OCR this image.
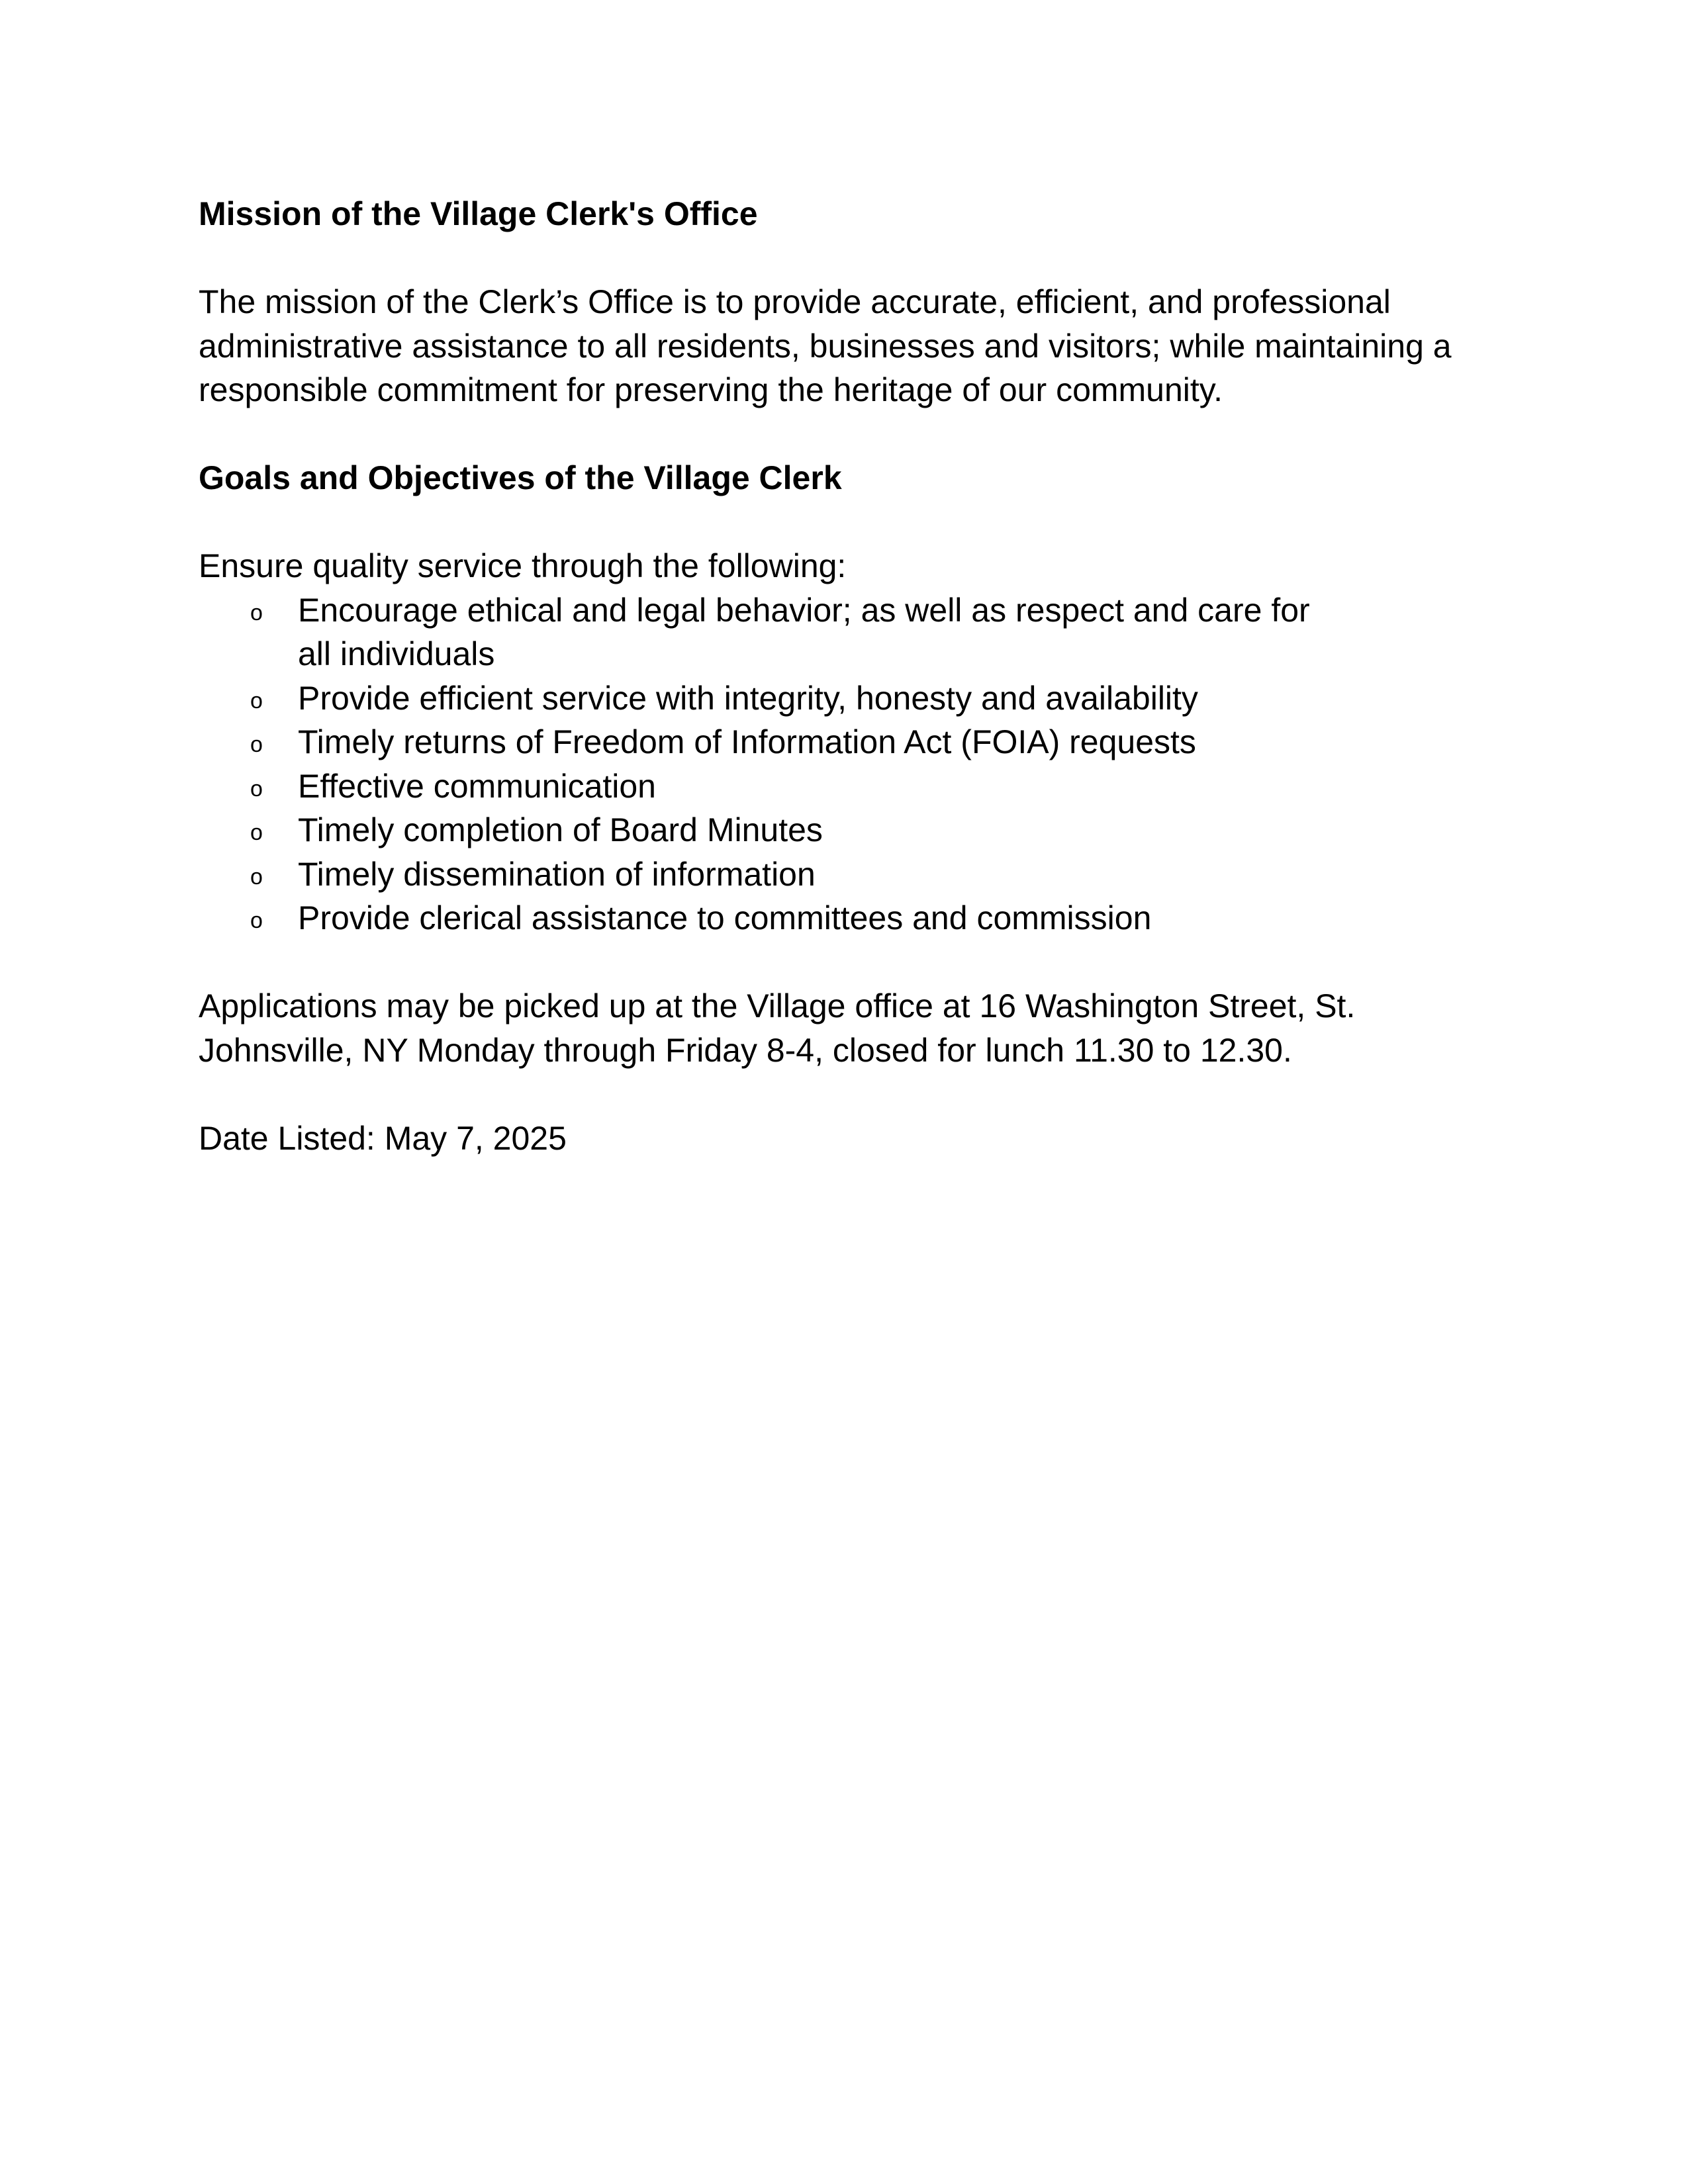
Mission of the Village Clerk's Office

The mission of the Clerk’s Office is to provide accurate, efficient, and professional administrative assistance to all residents, businesses and visitors; while maintaining a responsible commitment for preserving the heritage of our community.

Goals and Objectives of the Village Clerk

Ensure quality service through the following:

o Encourage ethical and legal behavior; as well as respect and care for all individuals
o Provide efficient service with integrity, honesty and availability
o Timely returns of Freedom of Information Act (FOIA) requests
o Effective communication
o Timely completion of Board Minutes
o Timely dissemination of information
o Provide clerical assistance to committees and commission

Applications may be picked up at the Village office at 16 Washington Street, St. Johnsville, NY Monday through Friday 8-4, closed for lunch 11.30 to 12.30.

Date Listed: May 7, 2025
